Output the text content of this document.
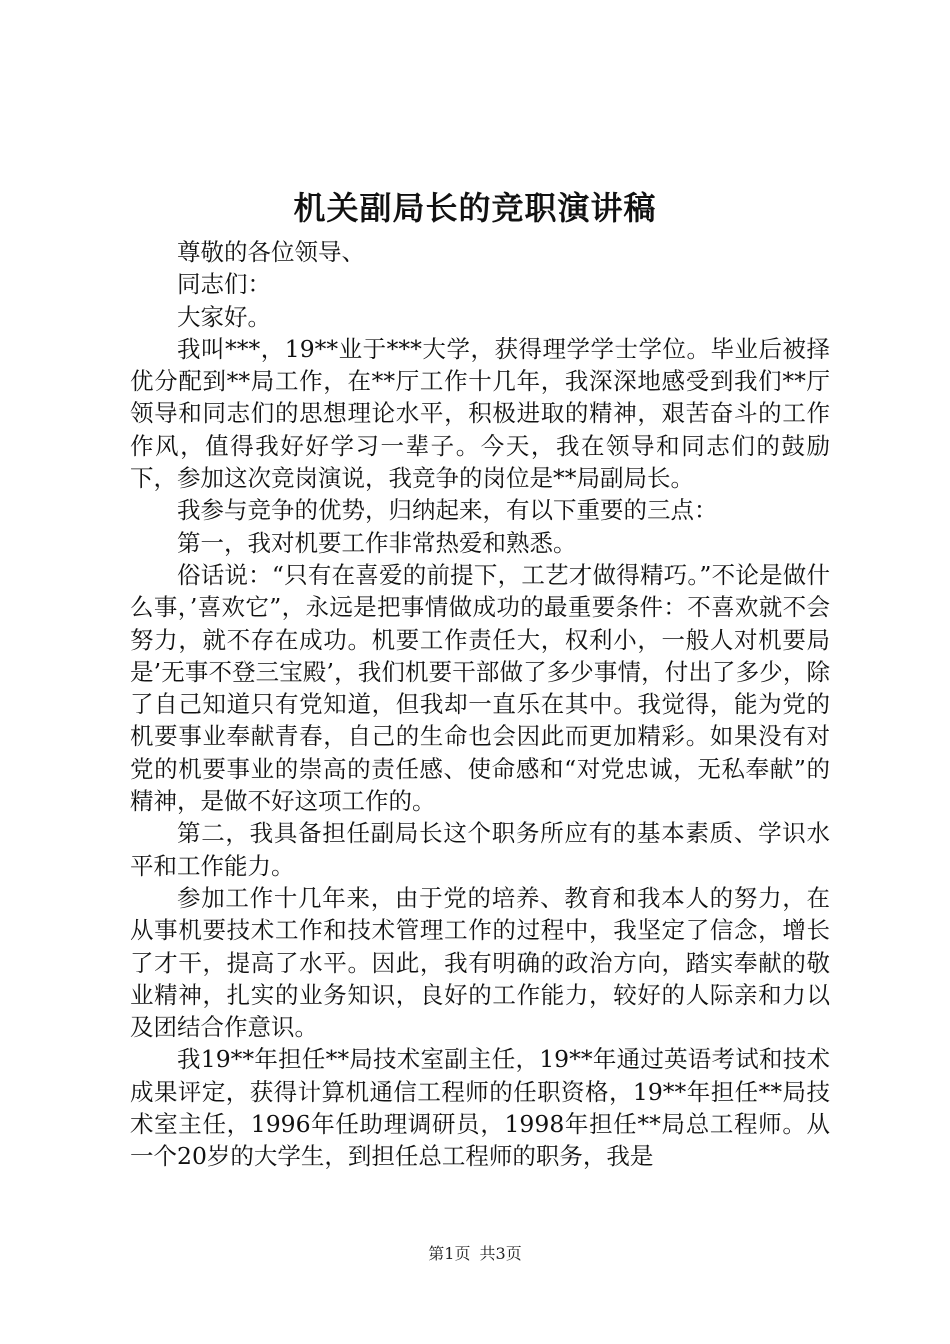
机关副局长的竞职演讲稿

尊敬的各位领导、

同志们：

大家好。

我叫***，19**业于***大学，获得理学学士学位。毕业后被择优分配到**局工作，在**厅工作十几年，我深深地感受到我们**厅领导和同志们的思想理论水平，积极进取的精神，艰苦奋斗的工作作风，值得我好好学习一辈子。今天，我在领导和同志们的鼓励下，参加这次竞岗演说，我竞争的岗位是**局副局长。

我参与竞争的优势，归纳起来，有以下重要的三点：

第一，我对机要工作非常热爱和熟悉。

俗话说：“只有在喜爱的前提下，工艺才做得精巧。”不论是做什么事，’喜欢它”，永远是把事情做成功的最重要条件：不喜欢就不会努力，就不存在成功。机要工作责任大，权利小，一般人对机要局是’无事不登三宝殿’，我们机要干部做了多少事情，付出了多少，除了自己知道只有党知道，但我却一直乐在其中。我觉得，能为党的机要事业奉献青春，自己的生命也会因此而更加精彩。如果没有对党的机要事业的崇高的责任感、使命感和“对党忠诚，无私奉献”的精神，是做不好这项工作的。

第二，我具备担任副局长这个职务所应有的基本素质、学识水平和工作能力。

参加工作十几年来，由于党的培养、教育和我本人的努力，在从事机要技术工作和技术管理工作的过程中，我坚定了信念，增长了才干，提高了水平。因此，我有明确的政治方向，踏实奉献的敬业精神，扎实的业务知识，良好的工作能力，较好的人际亲和力以及团结合作意识。

我19**年担任**局技术室副主任，19**年通过英语考试和技术成果评定，获得计算机通信工程师的任职资格，19**年担任**局技术室主任，1996年任助理调研员，1998年担任**局总工程师。从一个20岁的大学生，到担任总工程师的职务，我是

第1页 共3页
